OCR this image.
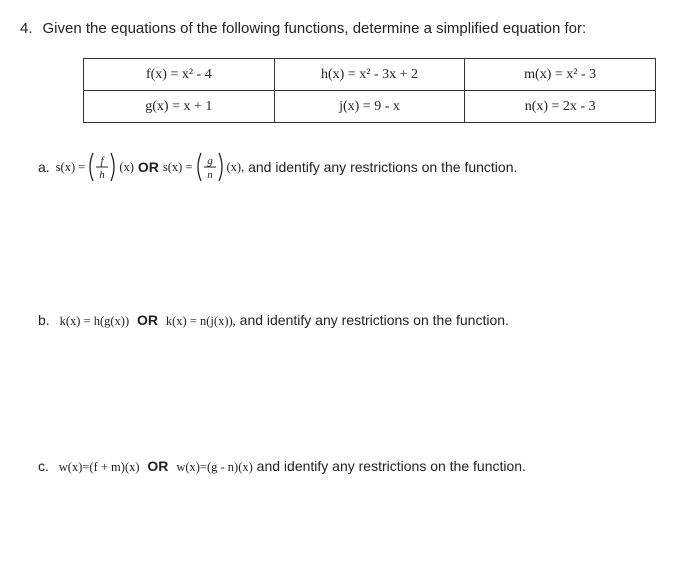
4. Given the equations of the following functions, determine a simplified equation for:
f(x) = x² - 4	h(x) = x² - 3x + 2	m(x) = x² - 3
g(x) = x + 1	j(x) = 9 - x	n(x) = 2x - 3
a. s(x) = f
h
(x) OR s(x) = g
n
(x),
and identify any restrictions on the function.
b. k(x) = h(g(x)) OR k(x) = n(j(x)), and identify any restrictions on the function.
c. w(x)=(f + m)(x) OR w(x)=(g - n)(x) and identify any restrictions on the function.
